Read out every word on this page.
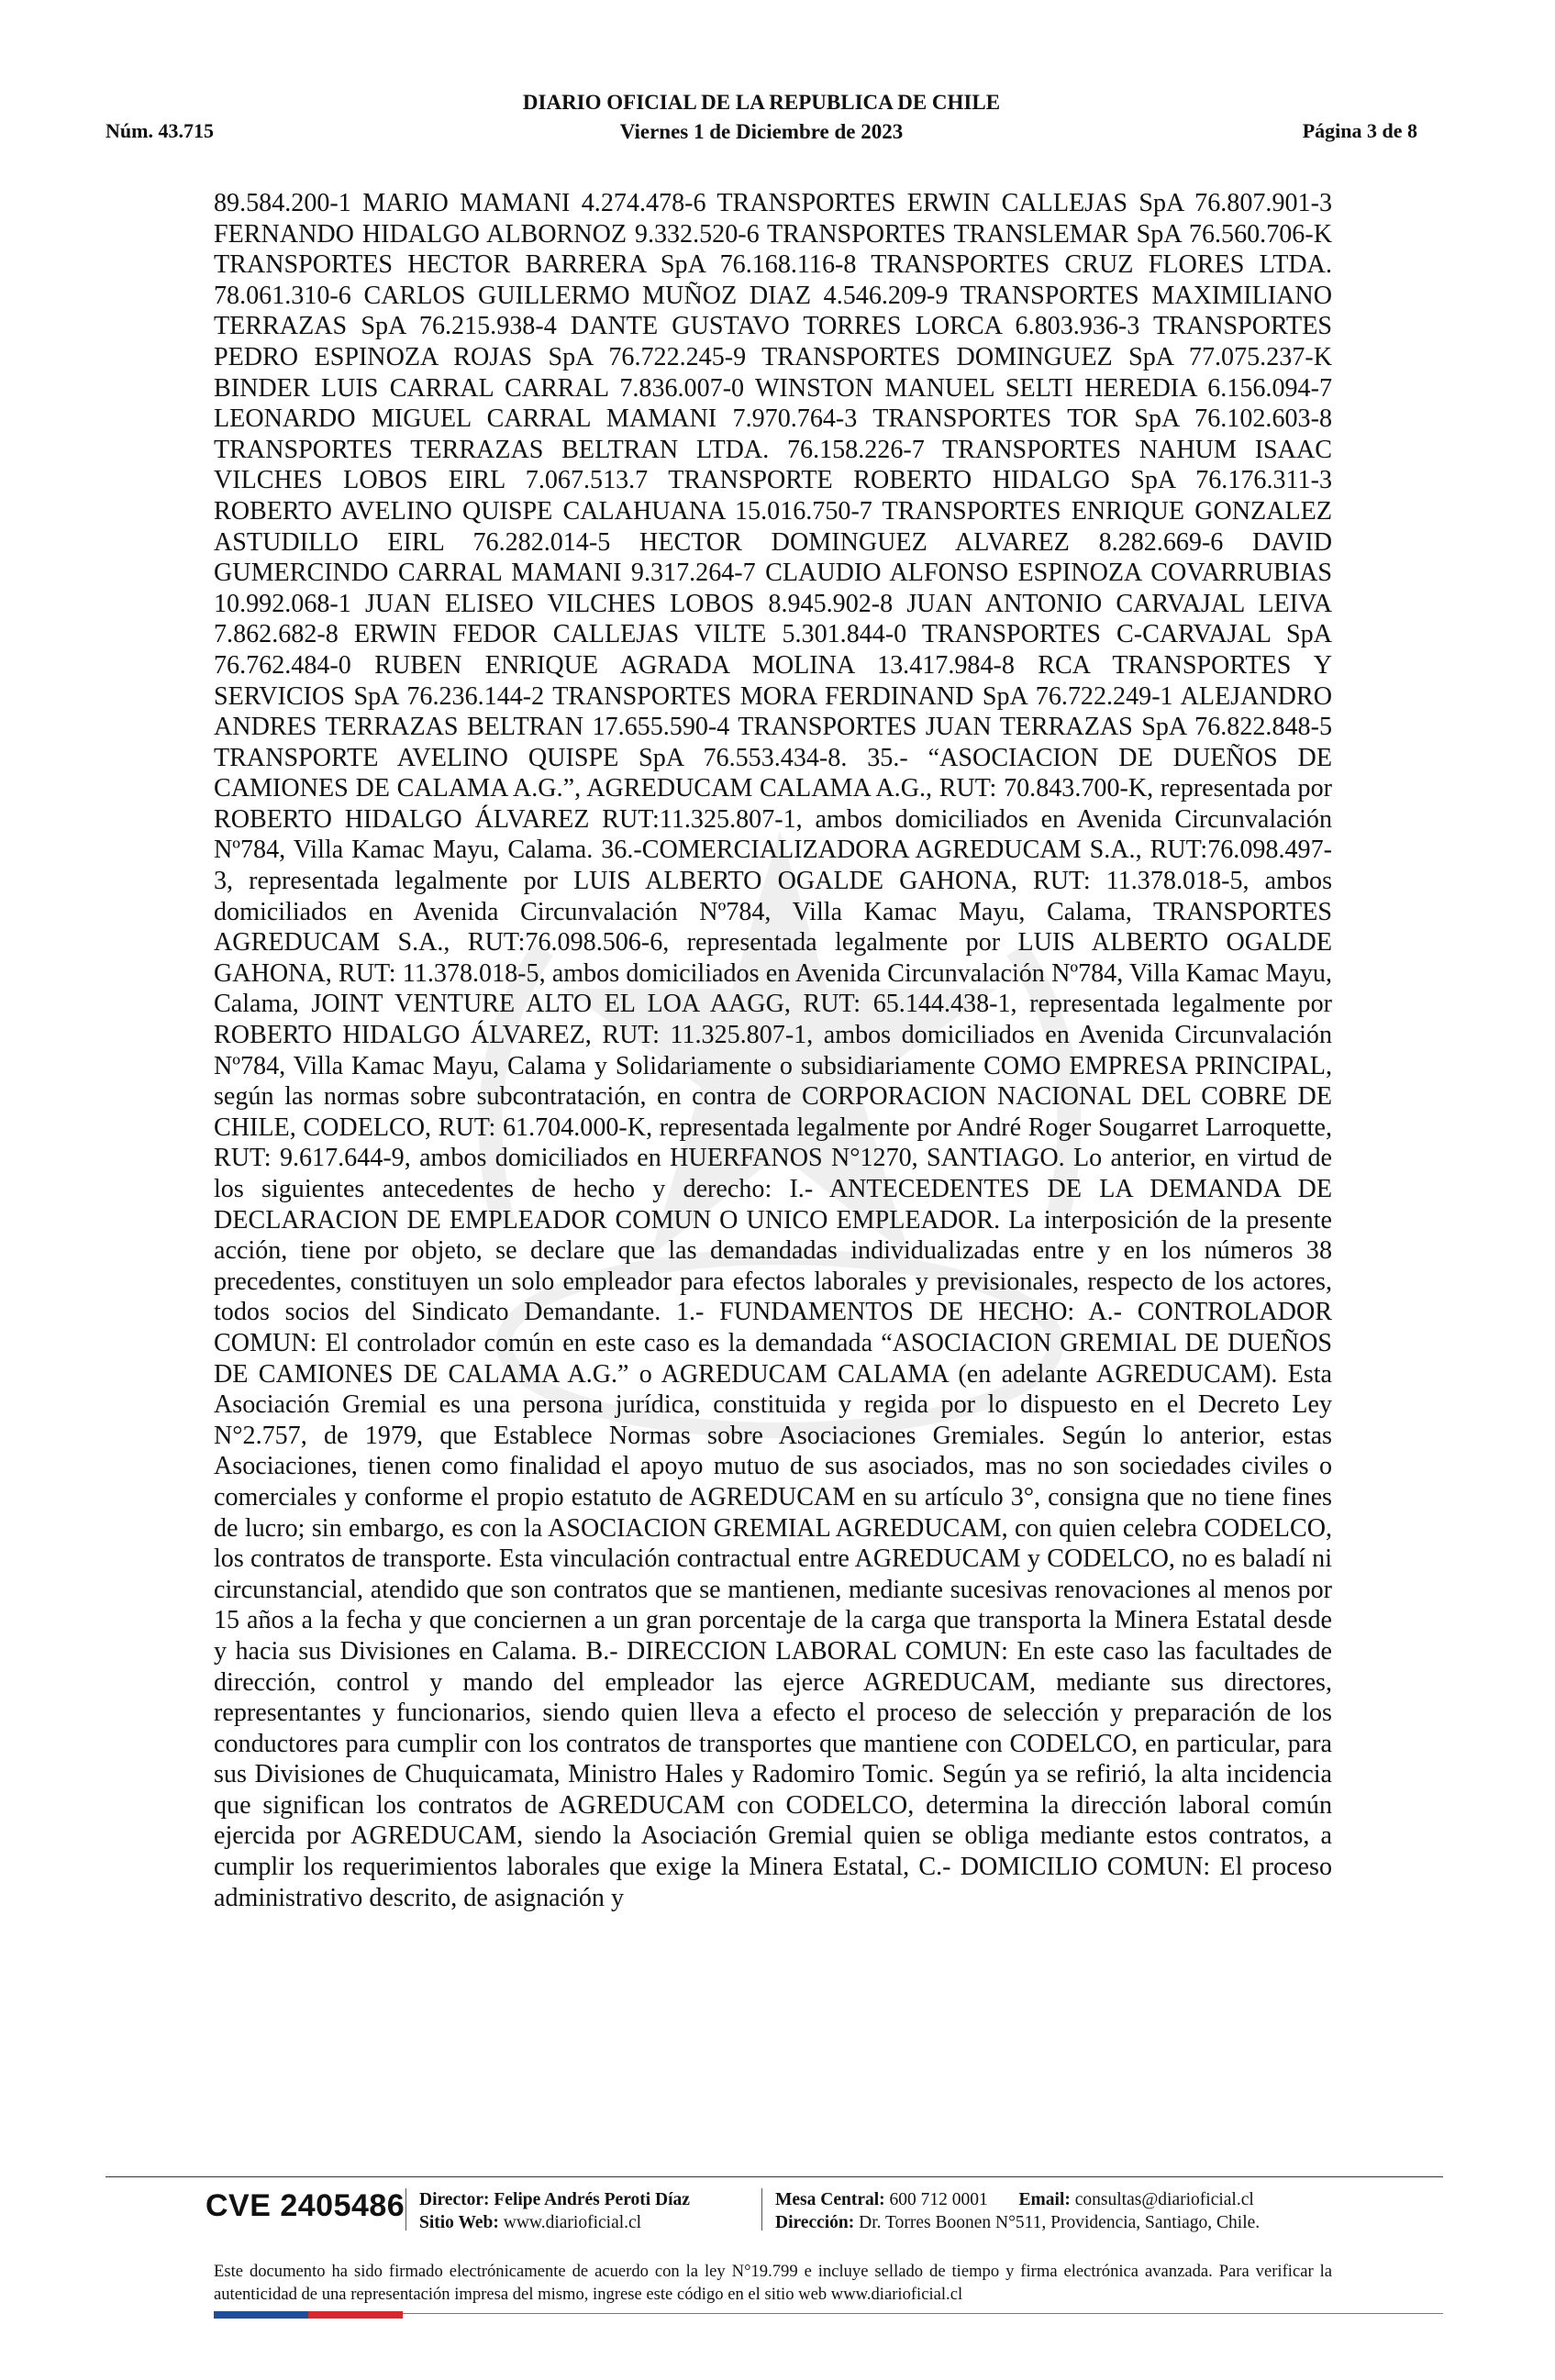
Núm. 43.715
DIARIO OFICIAL DE LA REPUBLICA DE CHILE
Viernes 1 de Diciembre de 2023	Página 3 de 8

89.584.200-1 MARIO MAMANI 4.274.478-6 TRANSPORTES ERWIN CALLEJAS SpA 76.807.901-3 FERNANDO HIDALGO ALBORNOZ 9.332.520-6 TRANSPORTES TRANSLEMAR SpA 76.560.706-K TRANSPORTES HECTOR BARRERA SpA 76.168.116-8 TRANSPORTES CRUZ FLORES LTDA. 78.061.310-6 CARLOS GUILLERMO MUÑOZ DIAZ 4.546.209-9 TRANSPORTES MAXIMILIANO TERRAZAS SpA 76.215.938-4 DANTE GUSTAVO TORRES LORCA 6.803.936-3 TRANSPORTES PEDRO ESPINOZA ROJAS SpA 76.722.245-9 TRANSPORTES DOMINGUEZ SpA 77.075.237-K BINDER LUIS CARRAL CARRAL 7.836.007-0 WINSTON MANUEL SELTI HEREDIA 6.156.094-7 LEONARDO MIGUEL CARRAL MAMANI 7.970.764-3 TRANSPORTES TOR SpA 76.102.603-8 TRANSPORTES TERRAZAS BELTRAN LTDA. 76.158.226-7 TRANSPORTES NAHUM ISAAC VILCHES LOBOS EIRL 7.067.513.7 TRANSPORTE ROBERTO HIDALGO SpA 76.176.311-3 ROBERTO AVELINO QUISPE CALAHUANA 15.016.750-7 TRANSPORTES ENRIQUE GONZALEZ ASTUDILLO EIRL 76.282.014-5 HECTOR DOMINGUEZ ALVAREZ 8.282.669-6 DAVID GUMERCINDO CARRAL MAMANI 9.317.264-7 CLAUDIO ALFONSO ESPINOZA COVARRUBIAS 10.992.068-1 JUAN ELISEO VILCHES LOBOS 8.945.902-8 JUAN ANTONIO CARVAJAL LEIVA 7.862.682-8 ERWIN FEDOR CALLEJAS VILTE 5.301.844-0 TRANSPORTES C-CARVAJAL SpA 76.762.484-0 RUBEN ENRIQUE AGRADA MOLINA 13.417.984-8 RCA TRANSPORTES Y SERVICIOS SpA 76.236.144-2 TRANSPORTES MORA FERDINAND SpA 76.722.249-1 ALEJANDRO ANDRES TERRAZAS BELTRAN 17.655.590-4 TRANSPORTES JUAN TERRAZAS SpA 76.822.848-5 TRANSPORTE AVELINO QUISPE SpA 76.553.434-8. 35.- “ASOCIACION DE DUEÑOS DE CAMIONES DE CALAMA A.G.”, AGREDUCAM CALAMA A.G., RUT: 70.843.700-K, representada por ROBERTO HIDALGO ÁLVAREZ RUT:11.325.807-1, ambos domiciliados en Avenida Circunvalación Nº784, Villa Kamac Mayu, Calama. 36.-COMERCIALIZADORA AGREDUCAM S.A., RUT:76.098.497-3, representada legalmente por LUIS ALBERTO OGALDE GAHONA, RUT: 11.378.018-5, ambos domiciliados en Avenida Circunvalación Nº784, Villa Kamac Mayu, Calama, TRANSPORTES AGREDUCAM S.A., RUT:76.098.506-6, representada legalmente por LUIS ALBERTO OGALDE GAHONA, RUT: 11.378.018-5, ambos domiciliados en Avenida Circunvalación Nº784, Villa Kamac Mayu, Calama, JOINT VENTURE ALTO EL LOA AAGG, RUT: 65.144.438-1, representada legalmente por ROBERTO HIDALGO ÁLVAREZ, RUT: 11.325.807-1, ambos domiciliados en Avenida Circunvalación Nº784, Villa Kamac Mayu, Calama y Solidariamente o subsidiariamente COMO EMPRESA PRINCIPAL, según las normas sobre subcontratación, en contra de CORPORACION NACIONAL DEL COBRE DE CHILE, CODELCO, RUT: 61.704.000-K, representada legalmente por André Roger Sougarret Larroquette, RUT: 9.617.644-9, ambos domiciliados en HUERFANOS N°1270, SANTIAGO. Lo anterior, en virtud de los siguientes antecedentes de hecho y derecho: I.- ANTECEDENTES DE LA DEMANDA DE DECLARACION DE EMPLEADOR COMUN O UNICO EMPLEADOR. La interposición de la presente acción, tiene por objeto, se declare que las demandadas individualizadas entre y en los números 38 precedentes, constituyen un solo empleador para efectos laborales y previsionales, respecto de los actores, todos socios del Sindicato Demandante. 1.- FUNDAMENTOS DE HECHO: A.- CONTROLADOR COMUN: El controlador común en este caso es la demandada “ASOCIACION GREMIAL DE DUEÑOS DE CAMIONES DE CALAMA A.G.” o AGREDUCAM CALAMA (en adelante AGREDUCAM). Esta Asociación Gremial es una persona jurídica, constituida y regida por lo dispuesto en el Decreto Ley N°2.757, de 1979, que Establece Normas sobre Asociaciones Gremiales. Según lo anterior, estas Asociaciones, tienen como finalidad el apoyo mutuo de sus asociados, mas no son sociedades civiles o comerciales y conforme el propio estatuto de AGREDUCAM en su artículo 3°, consigna que no tiene fines de lucro; sin embargo, es con la ASOCIACION GREMIAL AGREDUCAM, con quien celebra CODELCO, los contratos de transporte. Esta vinculación contractual entre AGREDUCAM y CODELCO, no es baladí ni circunstancial, atendido que son contratos que se mantienen, mediante sucesivas renovaciones al menos por 15 años a la fecha y que conciernen a un gran porcentaje de la carga que transporta la Minera Estatal desde y hacia sus Divisiones en Calama. B.- DIRECCION LABORAL COMUN: En este caso las facultades de dirección, control y mando del empleador las ejerce AGREDUCAM, mediante sus directores, representantes y funcionarios, siendo quien lleva a efecto el proceso de selección y preparación de los conductores para cumplir con los contratos de transportes que mantiene con CODELCO, en particular, para sus Divisiones de Chuquicamata, Ministro Hales y Radomiro Tomic. Según ya se refirió, la alta incidencia que significan los contratos de AGREDUCAM con CODELCO, determina la dirección laboral común ejercida por AGREDUCAM, siendo la Asociación Gremial quien se obliga mediante estos contratos, a cumplir los requerimientos laborales que exige la Minera Estatal, C.- DOMICILIO COMUN: El proceso administrativo descrito, de asignación y

CVE 2405486 Director: Felipe Andrés Peroti Díaz
Sitio Web: www.diarioficial.cl
Mesa Central: 600 712 0001 Email: consultas@diarioficial.cl
Dirección: Dr. Torres Boonen N°511, Providencia, Santiago, Chile.

Este documento ha sido firmado electrónicamente de acuerdo con la ley N°19.799 e incluye sellado de tiempo y firma electrónica avanzada. Para verificar la autenticidad de una representación impresa del mismo, ingrese este código en el sitio web www.diarioficial.cl
